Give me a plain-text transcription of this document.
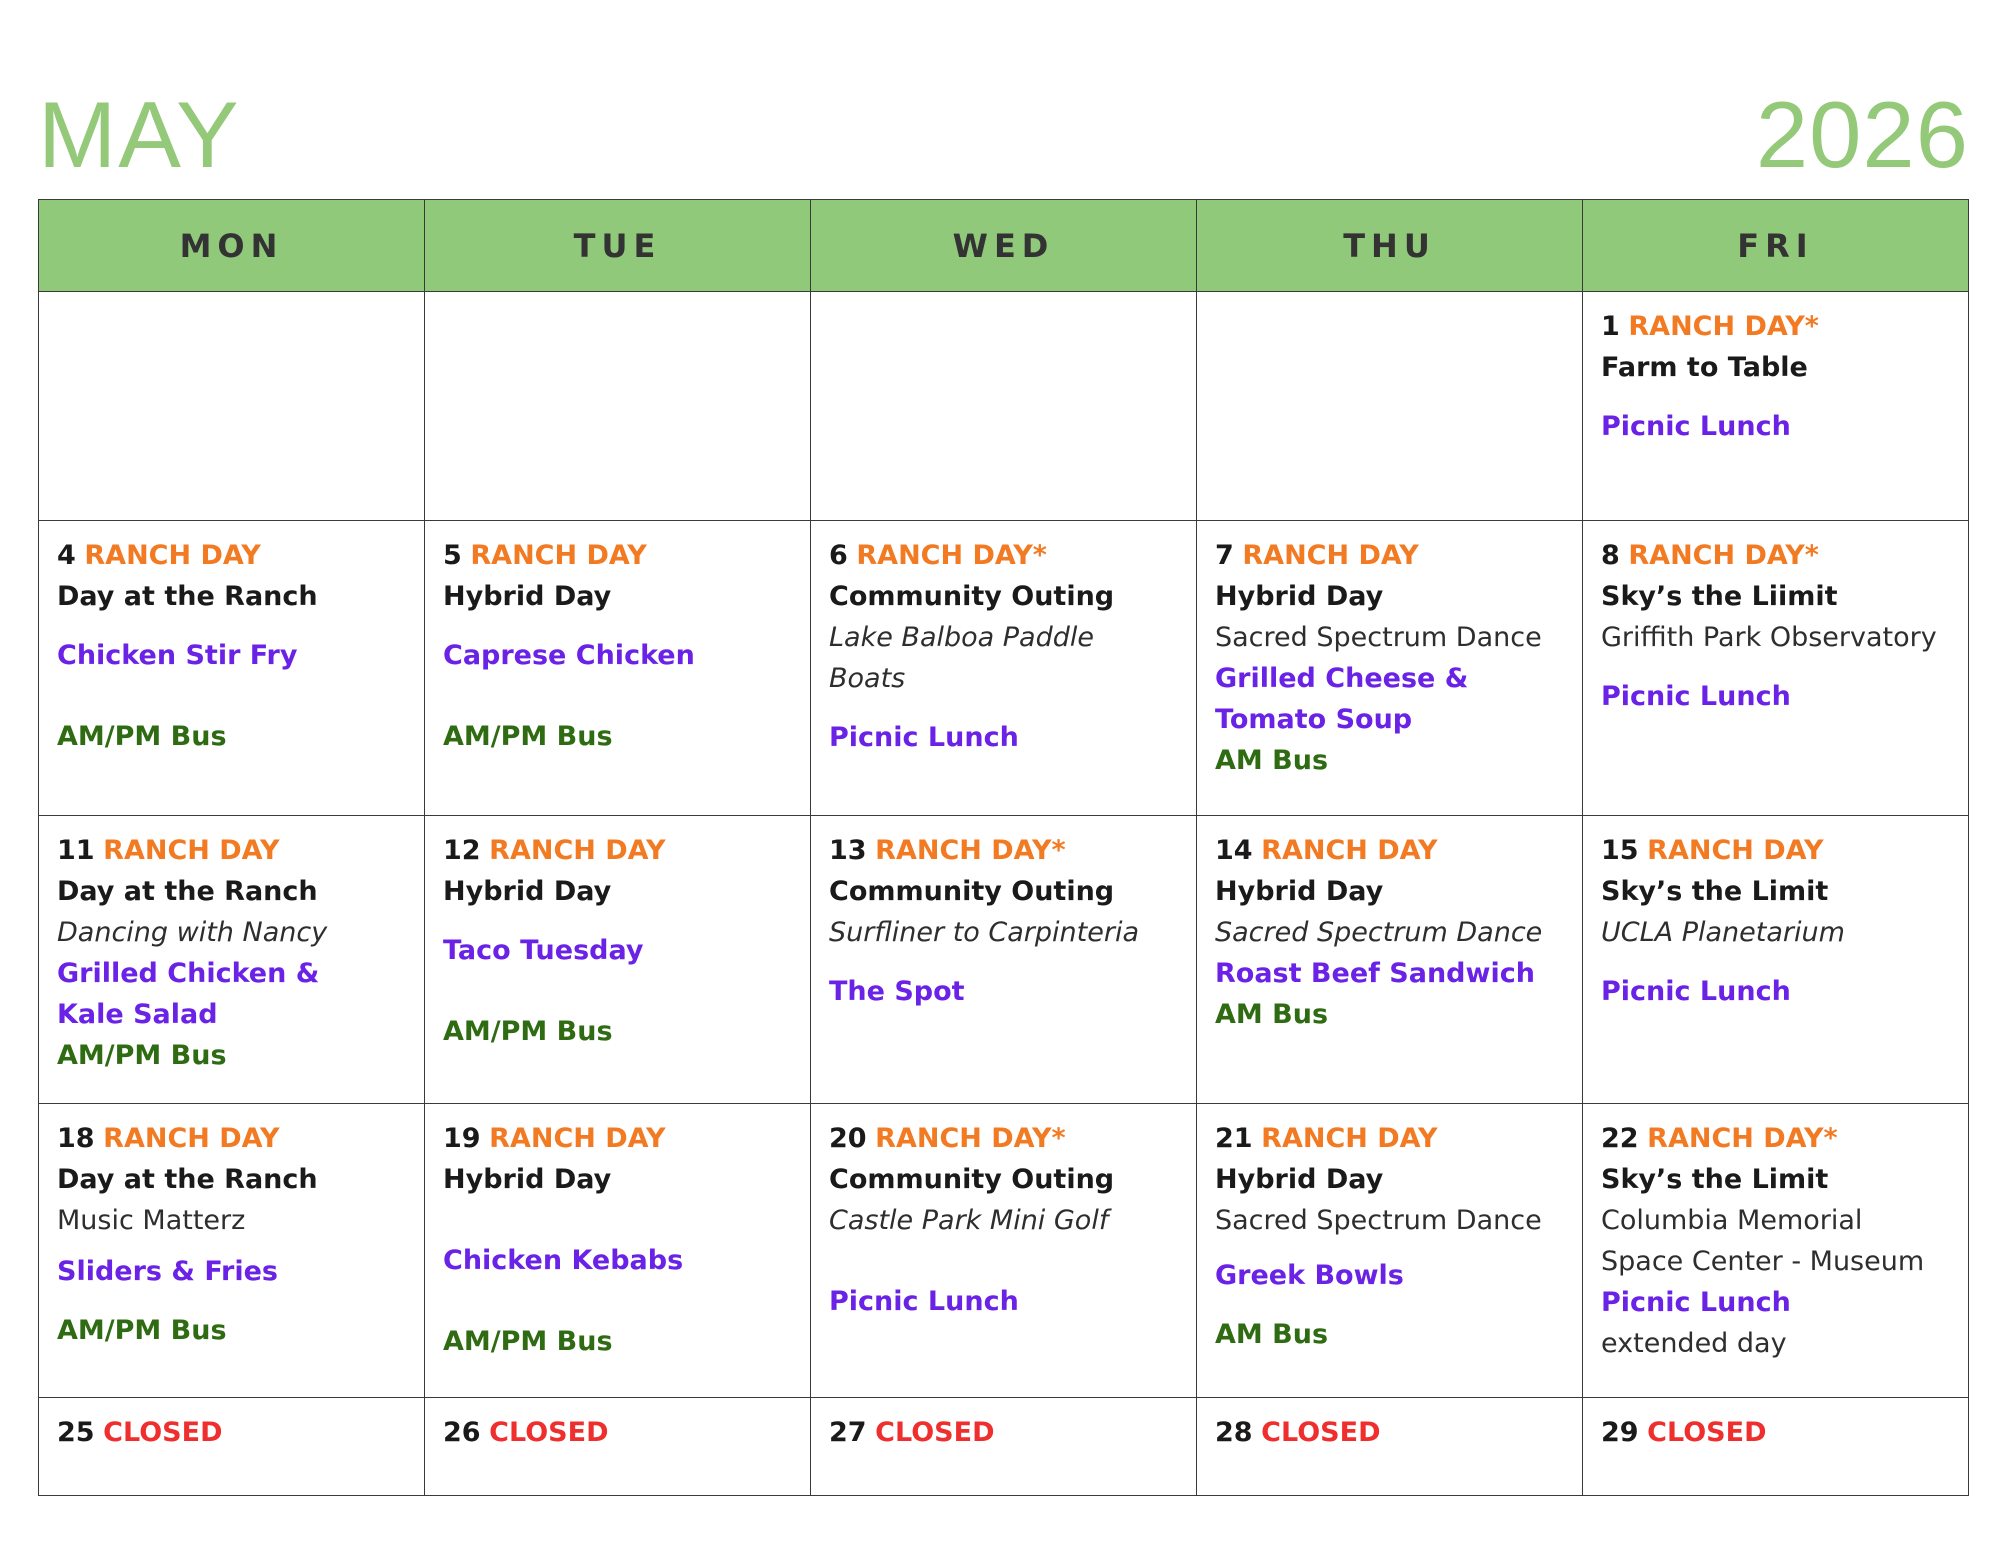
MAY	2026
MON	TUE	WED	THU	FRI

				1 RANCH DAY*
Farm to Table
Picnic Lunch

4 RANCH DAY
Day at the Ranch
Chicken Stir Fry
AM/PM Bus	5 RANCH DAY
Hybrid Day
Caprese Chicken
AM/PM Bus	6 RANCH DAY*
Community Outing
Lake Balboa Paddle Boats
Picnic Lunch	7 RANCH DAY
Hybrid Day
Sacred Spectrum Dance
Grilled Cheese & Tomato Soup
AM Bus	8 RANCH DAY*
Sky’s the Liimit
Griffith Park Observatory
Picnic Lunch

11 RANCH DAY
Day at the Ranch
Dancing with Nancy
Grilled Chicken & Kale Salad
AM/PM Bus	12 RANCH DAY
Hybrid Day
Taco Tuesday
AM/PM Bus	13 RANCH DAY*
Community Outing
Surfliner to Carpinteria
The Spot	14 RANCH DAY
Hybrid Day
Sacred Spectrum Dance
Roast Beef Sandwich
AM Bus	15 RANCH DAY
Sky’s the Limit
UCLA Planetarium
Picnic Lunch

18 RANCH DAY
Day at the Ranch
Music Matterz
Sliders & Fries
AM/PM Bus	19 RANCH DAY
Hybrid Day
Chicken Kebabs
AM/PM Bus	20 RANCH DAY*
Community Outing
Castle Park Mini Golf
Picnic Lunch	21 RANCH DAY
Hybrid Day
Sacred Spectrum Dance
Greek Bowls
AM Bus	22 RANCH DAY*
Sky’s the Limit
Columbia Memorial Space Center - Museum
Picnic Lunch
extended day

25 CLOSED	26 CLOSED	27 CLOSED	28 CLOSED	29 CLOSED
